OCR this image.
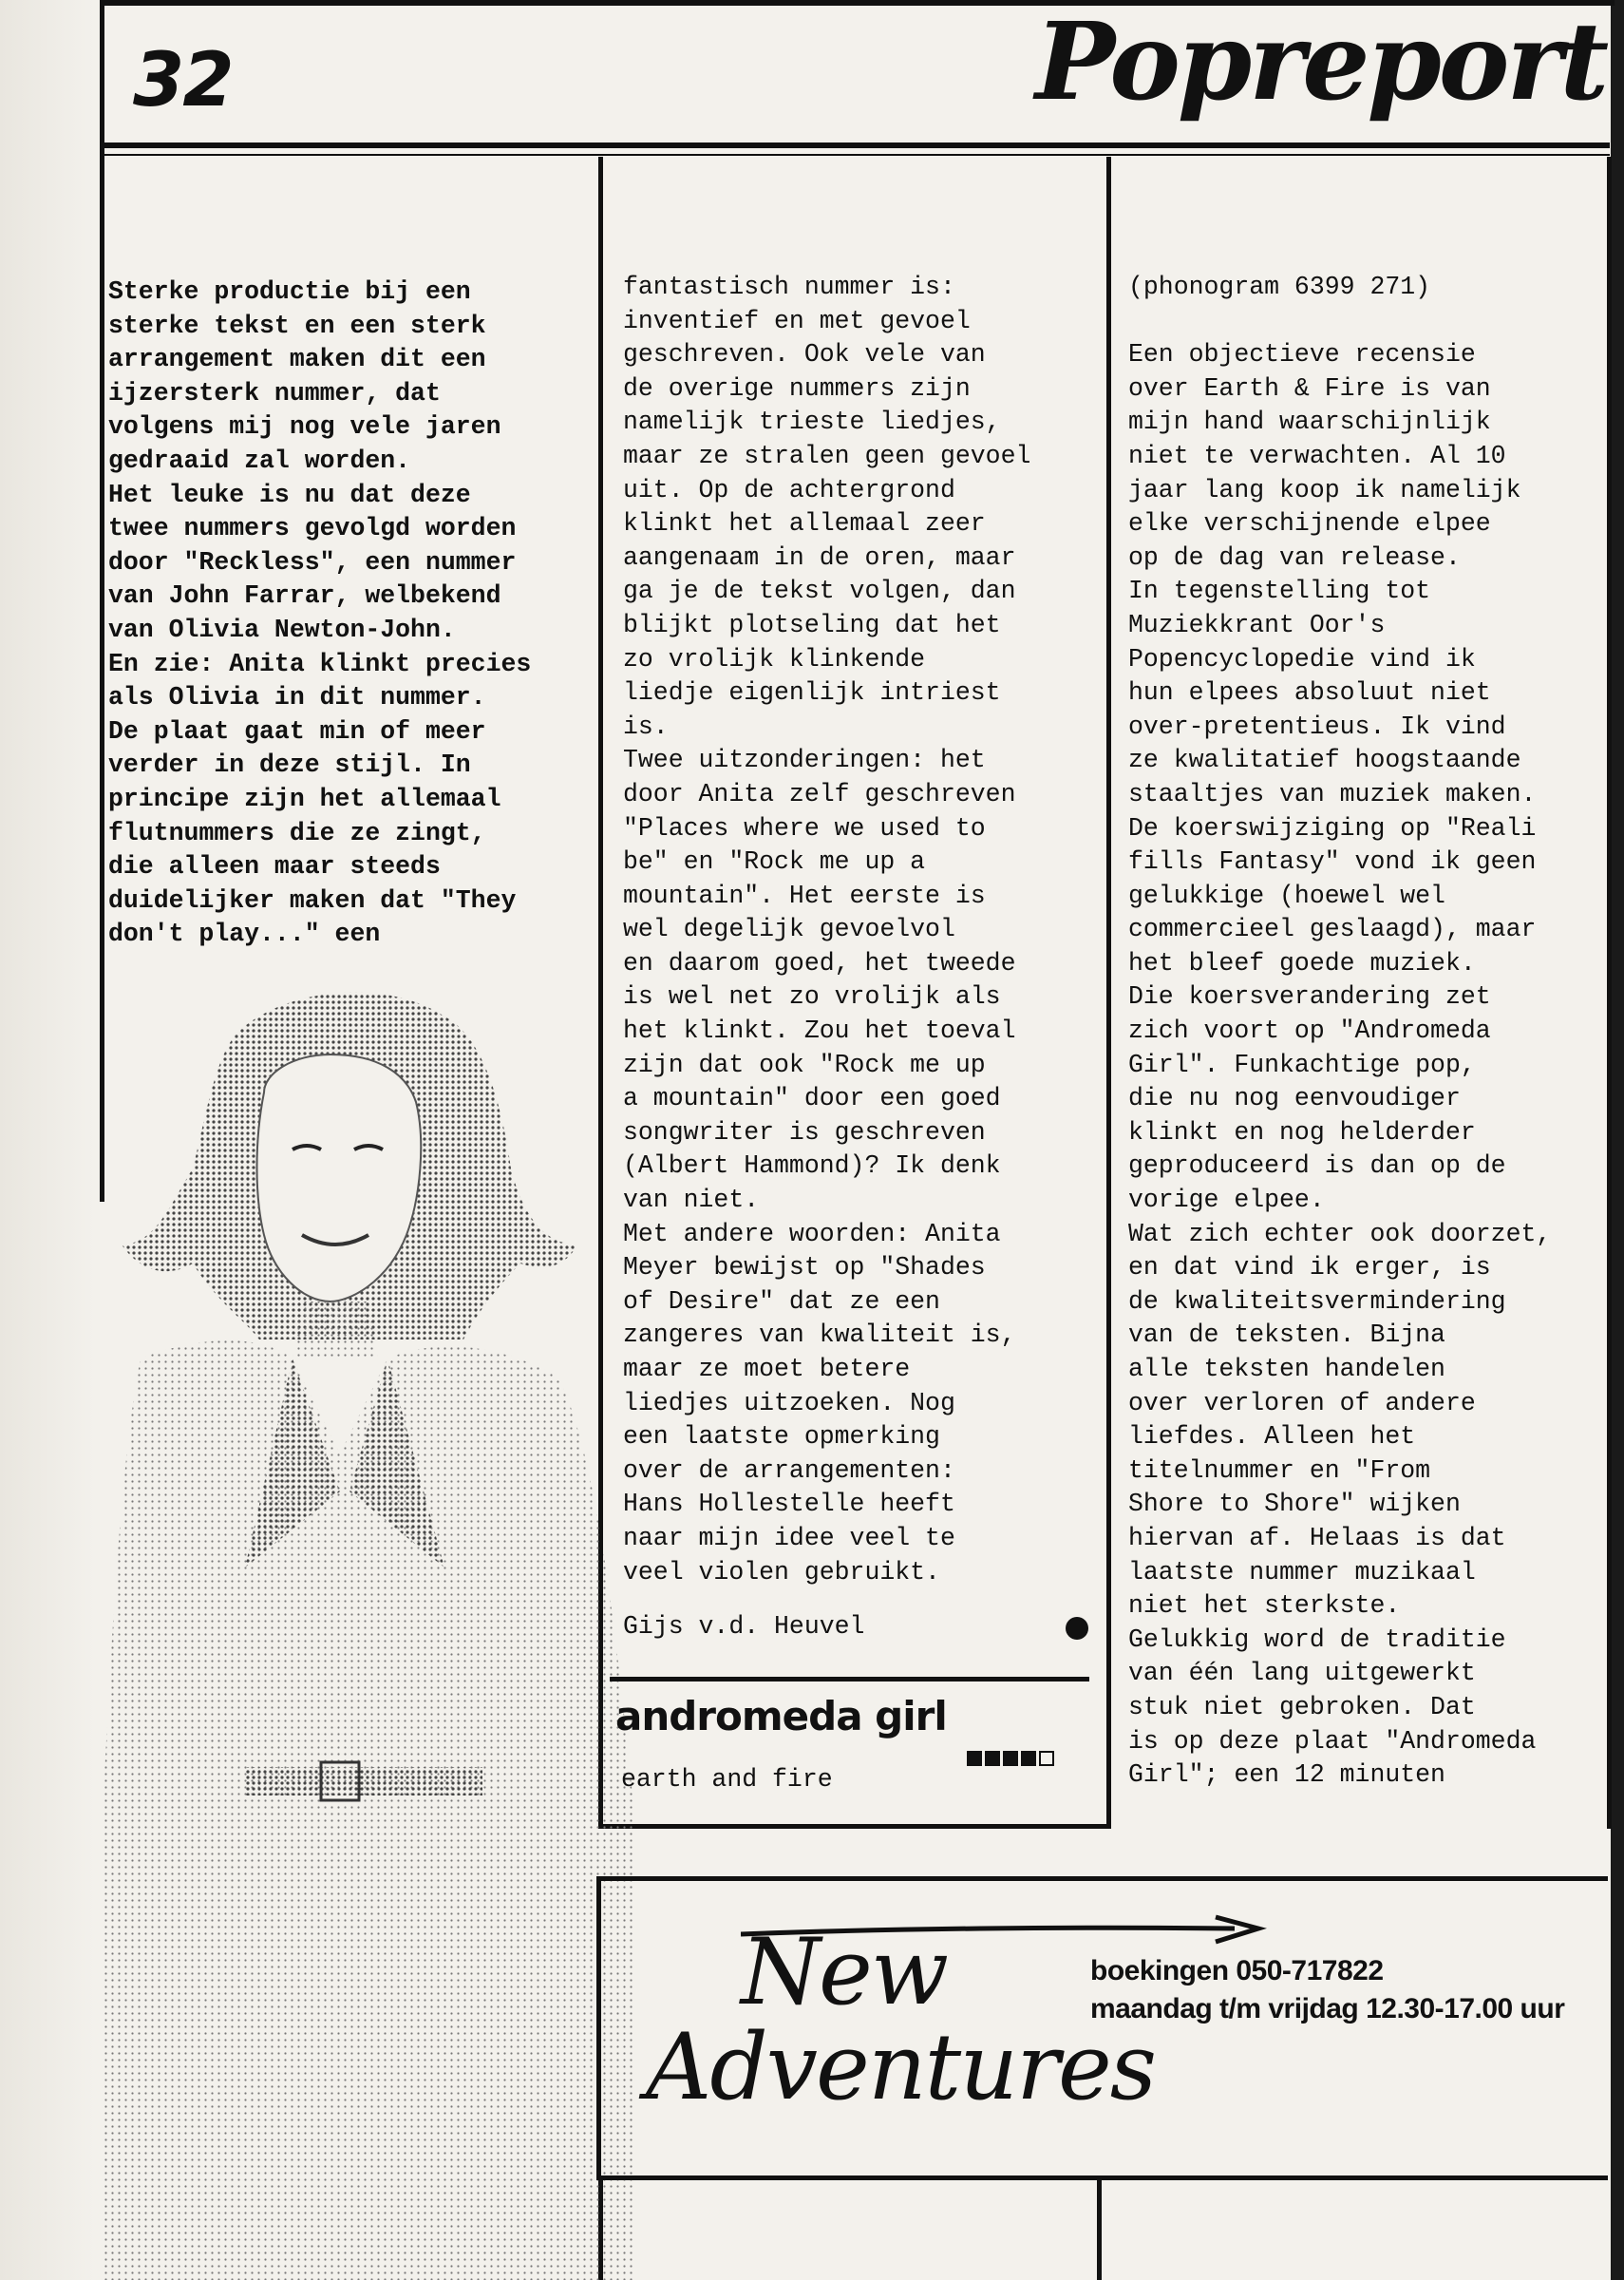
32	Popreport
Sterke productie bij een
sterke tekst en een sterk
arrangement maken dit een
ijzersterk nummer, dat
volgens mij nog vele jaren
gedraaid zal worden.
Het leuke is nu dat deze
twee nummers gevolgd worden
door "Reckless", een nummer
van John Farrar, welbekend
van Olivia Newton-John.
En zie: Anita klinkt precies
als Olivia in dit nummer.
De plaat gaat min of meer
verder in deze stijl. In
principe zijn het allemaal
flutnummers die ze zingt,
die alleen maar steeds
duidelijker maken dat "They
don't play..." een
fantastisch nummer is:
inventief en met gevoel
geschreven. Ook vele van
de overige nummers zijn
namelijk trieste liedjes,
maar ze stralen geen gevoel
uit. Op de achtergrond
klinkt het allemaal zeer
aangenaam in de oren, maar
ga je de tekst volgen, dan
blijkt plotseling dat het
zo vrolijk klinkende
liedje eigenlijk intriest
is.
Twee uitzonderingen: het
door Anita zelf geschreven
"Places where we used to
be" en "Rock me up a
mountain". Het eerste is
wel degelijk gevoelvol
en daarom goed, het tweede
is wel net zo vrolijk als
het klinkt. Zou het toeval
zijn dat ook "Rock me up
a mountain" door een goed
songwriter is geschreven
(Albert Hammond)? Ik denk
van niet.
Met andere woorden: Anita
Meyer bewijst op "Shades
of Desire" dat ze een
zangeres van kwaliteit is,
maar ze moet betere
liedjes uitzoeken. Nog
een laatste opmerking
over de arrangementen:
Hans Hollestelle heeft
naar mijn idee veel te
veel violen gebruikt.
(phonogram 6399 271)
Een objectieve recensie
over Earth & Fire is van
mijn hand waarschijnlijk
niet te verwachten. Al 10
jaar lang koop ik namelijk
elke verschijnende elpee
op de dag van release.
In tegenstelling tot
Muziekkrant Oor's
Popencyclopedie vind ik
hun elpees absoluut niet
over-pretentieus. Ik vind
ze kwalitatief hoogstaande
staaltjes van muziek maken.
De koerswijziging op "Reali
fills Fantasy" vond ik geen
gelukkige (hoewel wel
commercieel geslaagd), maar
het bleef goede muziek.
Die koersverandering zet
zich voort op "Andromeda
Girl". Funkachtige pop,
die nu nog eenvoudiger
klinkt en nog helderder
geproduceerd is dan op de
vorige elpee.
Wat zich echter ook doorzet,
en dat vind ik erger, is
de kwaliteitsvermindering
van de teksten. Bijna
alle teksten handelen
over verloren of andere
liefdes. Alleen het
titelnummer en "From
Shore to Shore" wijken
hiervan af. Helaas is dat
laatste nummer muzikaal
niet het sterkste.
Gelukkig word de traditie
van één lang uitgewerkt
stuk niet gebroken. Dat
is op deze plaat "Andromeda
Girl"; een 12 minuten
Gijs v.d. Heuvel
andromeda girl
earth and fire
New
Adventures
boekingen 050-717822
maandag t/m vrijdag 12.30-17.00 uur
